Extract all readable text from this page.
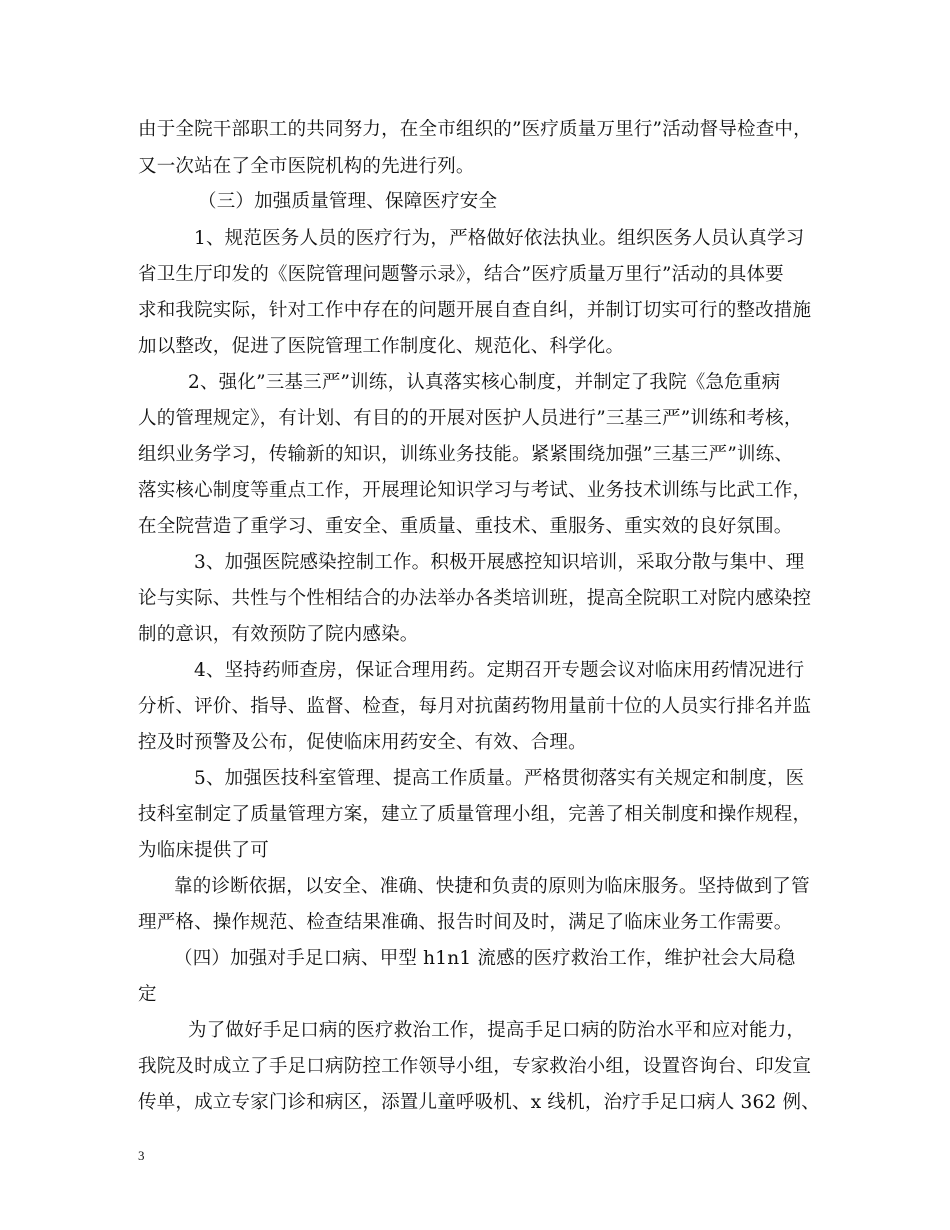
由于全院干部职工的共同努力，在全市组织的”医疗质量万里行”活动督导检查中，
又一次站在了全市医院机构的先进行列。
（三）加强质量管理、保障医疗安全
1、规范医务人员的医疗行为，严格做好依法执业。组织医务人员认真学习
省卫生厅印发的《医院管理问题警示录》，结合”医疗质量万里行”活动的具体要
求和我院实际，针对工作中存在的问题开展自查自纠，并制订切实可行的整改措施
加以整改，促进了医院管理工作制度化、规范化、科学化。
2、强化”三基三严”训练，认真落实核心制度，并制定了我院《急危重病
人的管理规定》，有计划、有目的的开展对医护人员进行”三基三严”训练和考核，
组织业务学习，传输新的知识，训练业务技能。紧紧围绕加强”三基三严”训练、
落实核心制度等重点工作，开展理论知识学习与考试、业务技术训练与比武工作，
在全院营造了重学习、重安全、重质量、重技术、重服务、重实效的良好氛围。
3、加强医院感染控制工作。积极开展感控知识培训，采取分散与集中、理
论与实际、共性与个性相结合的办法举办各类培训班，提高全院职工对院内感染控
制的意识，有效预防了院内感染。
4、坚持药师查房，保证合理用药。定期召开专题会议对临床用药情况进行
分析、评价、指导、监督、检查，每月对抗菌药物用量前十位的人员实行排名并监
控及时预警及公布，促使临床用药安全、有效、合理。
5、加强医技科室管理、提高工作质量。严格贯彻落实有关规定和制度，医
技科室制定了质量管理方案，建立了质量管理小组，完善了相关制度和操作规程，
为临床提供了可
靠的诊断依据，以安全、准确、快捷和负责的原则为临床服务。坚持做到了管
理严格、操作规范、检查结果准确、报告时间及时，满足了临床业务工作需要。
（四）加强对手足口病、甲型 h1n1 流感的医疗救治工作，维护社会大局稳
定
为了做好手足口病的医疗救治工作，提高手足口病的防治水平和应对能力，
我院及时成立了手足口病防控工作领导小组，专家救治小组，设置咨询台、印发宣
传单，成立专家门诊和病区，添置儿童呼吸机、x 线机，治疗手足口病人 362 例、
3
